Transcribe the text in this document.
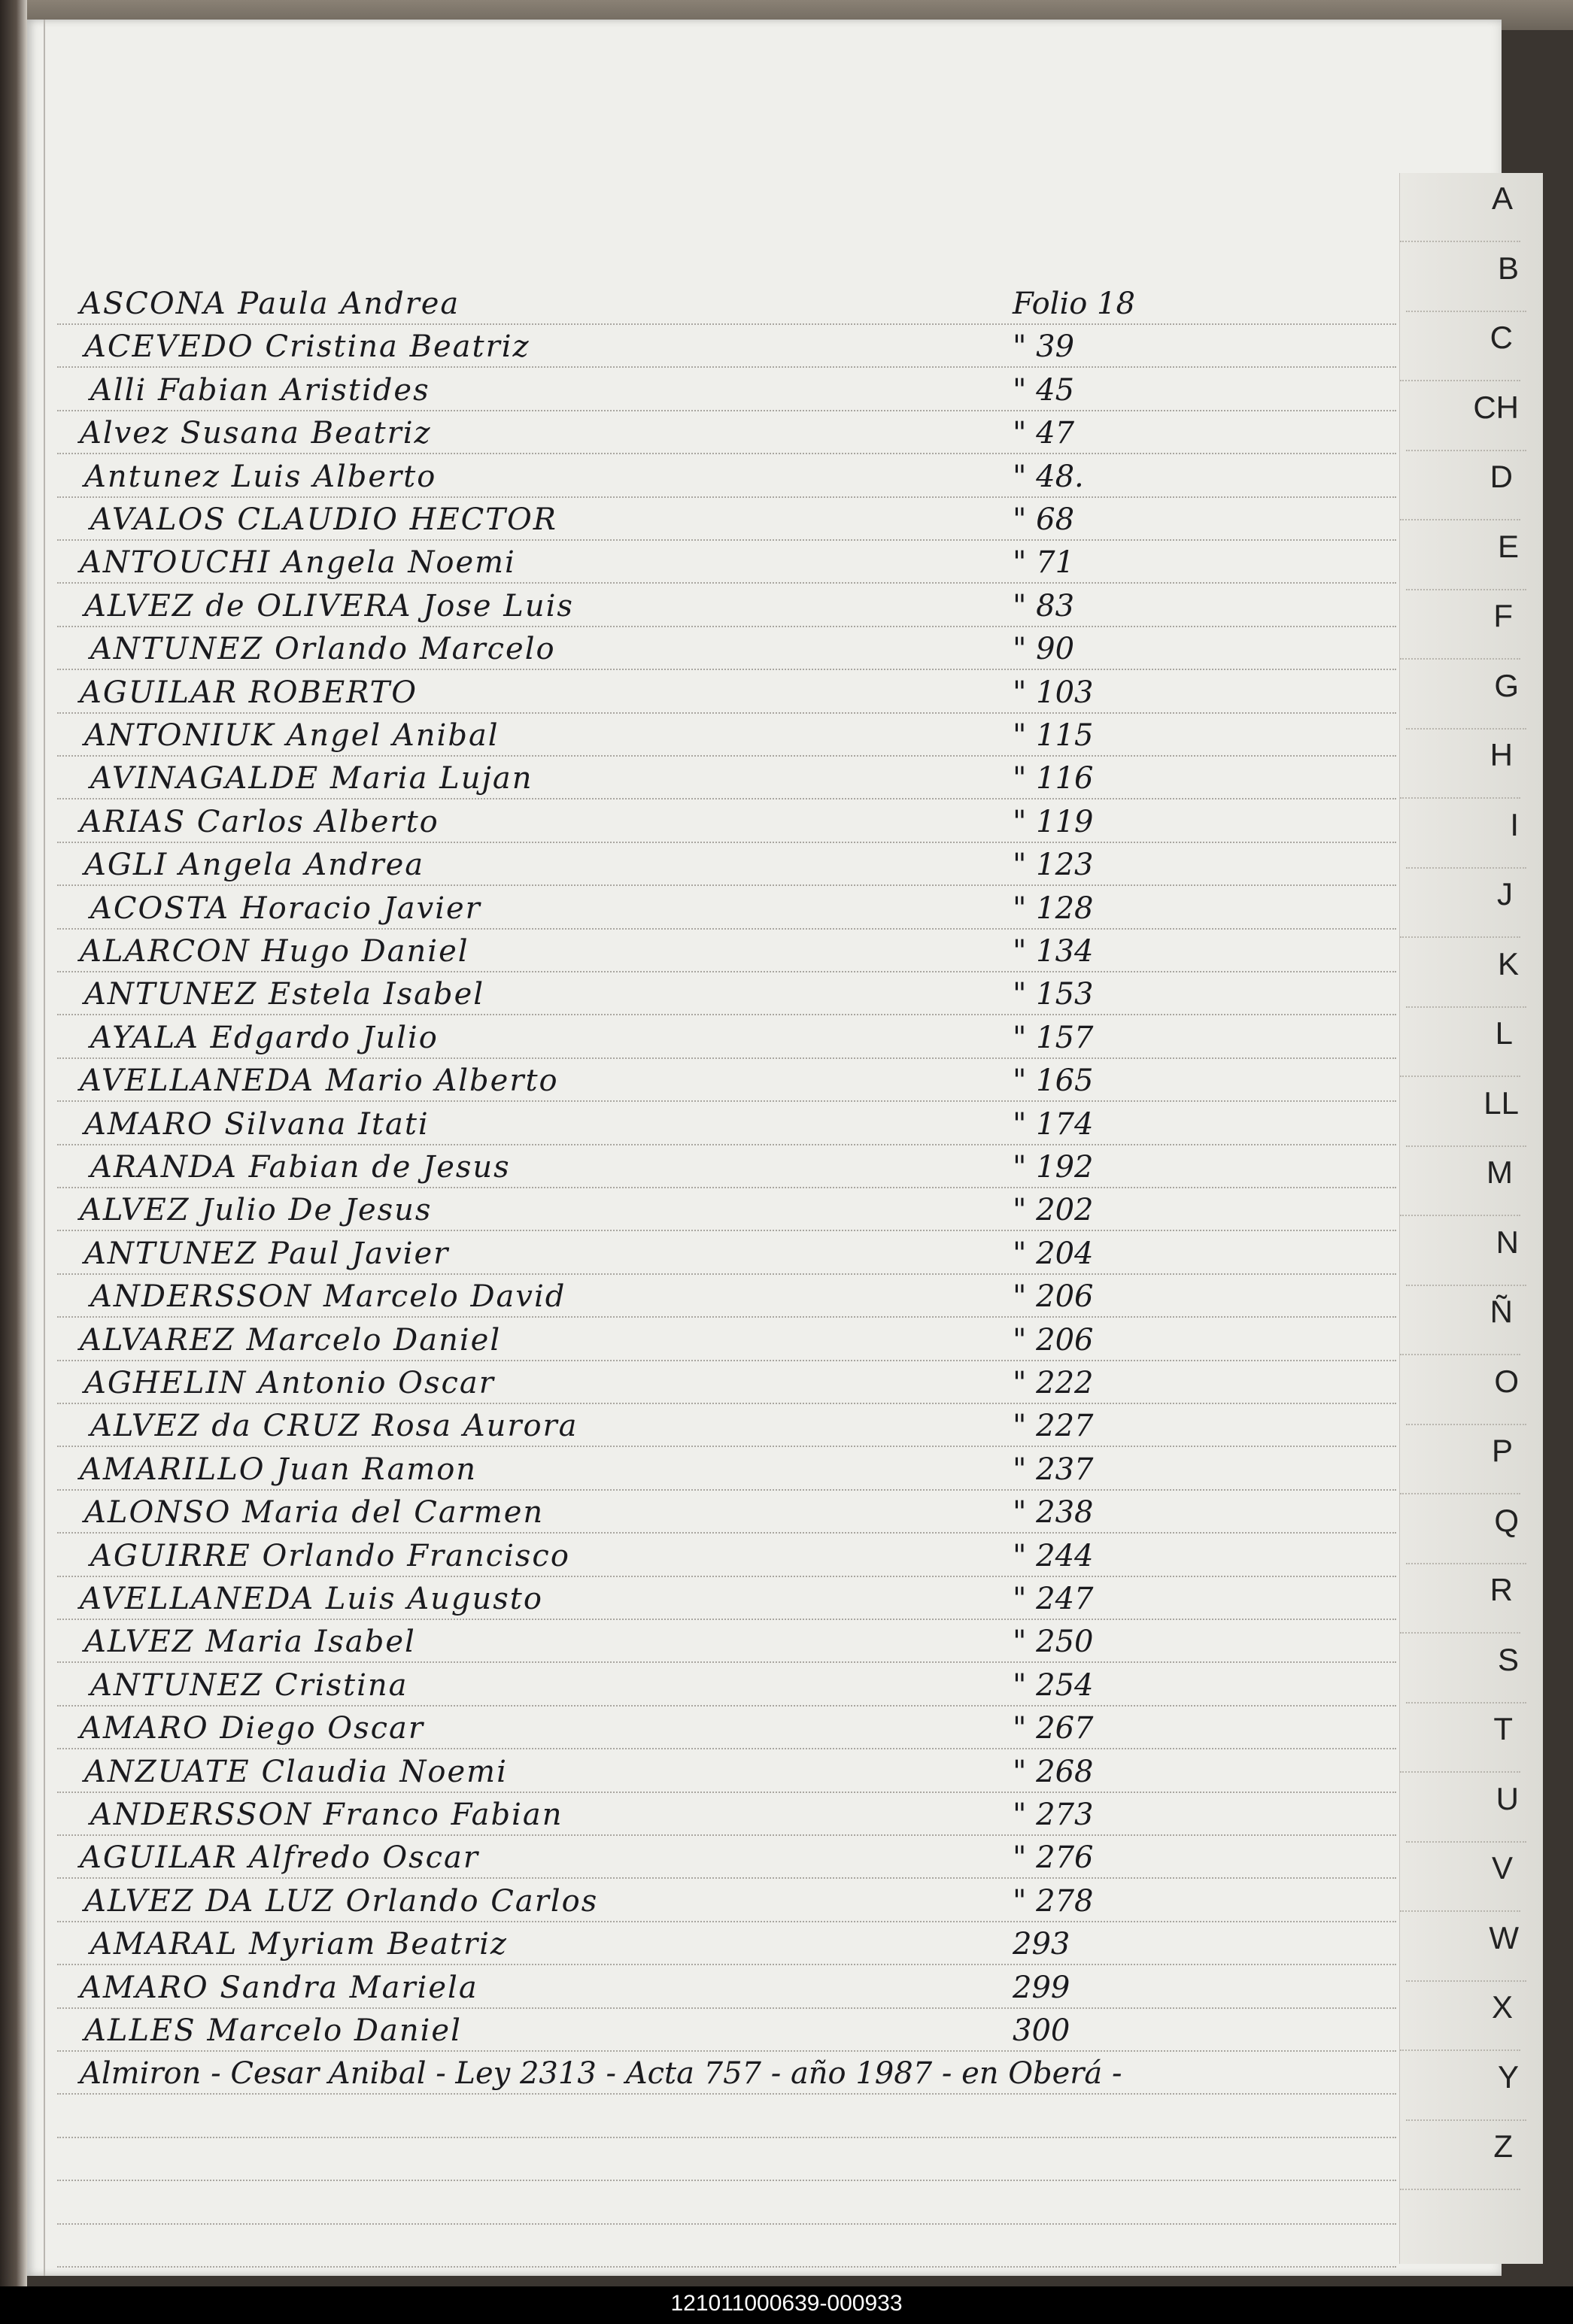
ASCONA Paula Andrea	Folio 18
ACEVEDO Cristina Beatriz	" 39
Alli Fabian Aristides	" 45
Alvez Susana Beatriz	" 47
Antunez Luis Alberto	" 48.
AVALOS CLAUDIO HECTOR	" 68
ANTOUCHI Angela Noemi	" 71
ALVEZ de OLIVERA Jose Luis	" 83
ANTUNEZ Orlando Marcelo	" 90
AGUILAR ROBERTO	" 103
ANTONIUK Angel Anibal	" 115
AVINAGALDE Maria Lujan	" 116
ARIAS Carlos Alberto	" 119
AGLI Angela Andrea	" 123
ACOSTA Horacio Javier	" 128
ALARCON Hugo Daniel	" 134
ANTUNEZ Estela Isabel	" 153
AYALA Edgardo Julio	" 157
AVELLANEDA Mario Alberto	" 165
AMARO Silvana Itati	" 174
ARANDA Fabian de Jesus	" 192
ALVEZ Julio De Jesus	" 202
ANTUNEZ Paul Javier	" 204
ANDERSSON Marcelo David	" 206
ALVAREZ Marcelo Daniel	" 206
AGHELIN Antonio Oscar	" 222
ALVEZ da CRUZ Rosa Aurora	" 227
AMARILLO Juan Ramon	" 237
ALONSO Maria del Carmen	" 238
AGUIRRE Orlando Francisco	" 244
AVELLANEDA Luis Augusto	" 247
ALVEZ Maria Isabel	" 250
ANTUNEZ Cristina	" 254
AMARO Diego Oscar	" 267
ANZUATE Claudia Noemi	" 268
ANDERSSON Franco Fabian	" 273
AGUILAR Alfredo Oscar	" 276
ALVEZ DA LUZ Orlando Carlos	" 278
AMARAL Myriam Beatriz	293
AMARO Sandra Mariela	299
ALLES Marcelo Daniel	300
Almiron - Cesar Anibal - Ley 2313 - Acta 757 - año 1987 - en Oberá -
A
B
C
CH
D
E
F
G
H
I
J
K
L
LL
M
N
Ñ
O
P
Q
R
S
T
U
V
W
X
Y
Z
121011000639-000933
